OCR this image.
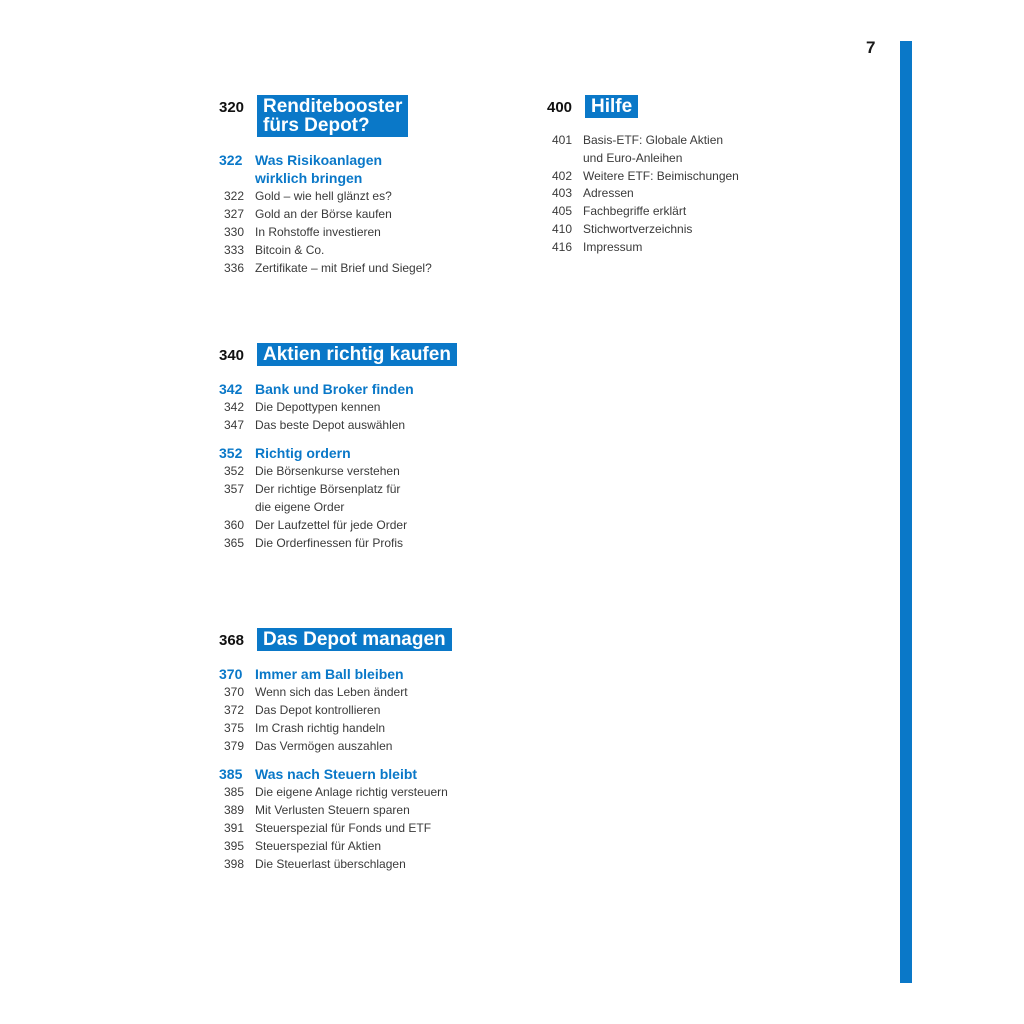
7
320 Renditebooster
fürs Depot?
322 Was Risikoanlagen
wirklich bringen
322 Gold – wie hell glänzt es?
327 Gold an der Börse kaufen
330 In Rohstoffe investieren
333 Bitcoin & Co.
336 Zertifikate – mit Brief und Siegel?
340 Aktien richtig kaufen
342 Bank und Broker finden
342 Die Depottypen kennen
347 Das beste Depot auswählen
352 Richtig ordern
352 Die Börsenkurse verstehen
357 Der richtige Börsenplatz für
die eigene Order
360 Der Laufzettel für jede Order
365 Die Orderfinessen für Profis
368 Das Depot managen
370 Immer am Ball bleiben
370 Wenn sich das Leben ändert
372 Das Depot kontrollieren
375 Im Crash richtig handeln
379 Das Vermögen auszahlen
385 Was nach Steuern bleibt
385 Die eigene Anlage richtig versteuern
389 Mit Verlusten Steuern sparen
391 Steuerspezial für Fonds und ETF
395 Steuerspezial für Aktien
398 Die Steuerlast überschlagen
400 Hilfe
401 Basis-ETF: Globale Aktien
und Euro-Anleihen
402 Weitere ETF: Beimischungen
403 Adressen
405 Fachbegriffe erklärt
410 Stichwortverzeichnis
416 Impressum
